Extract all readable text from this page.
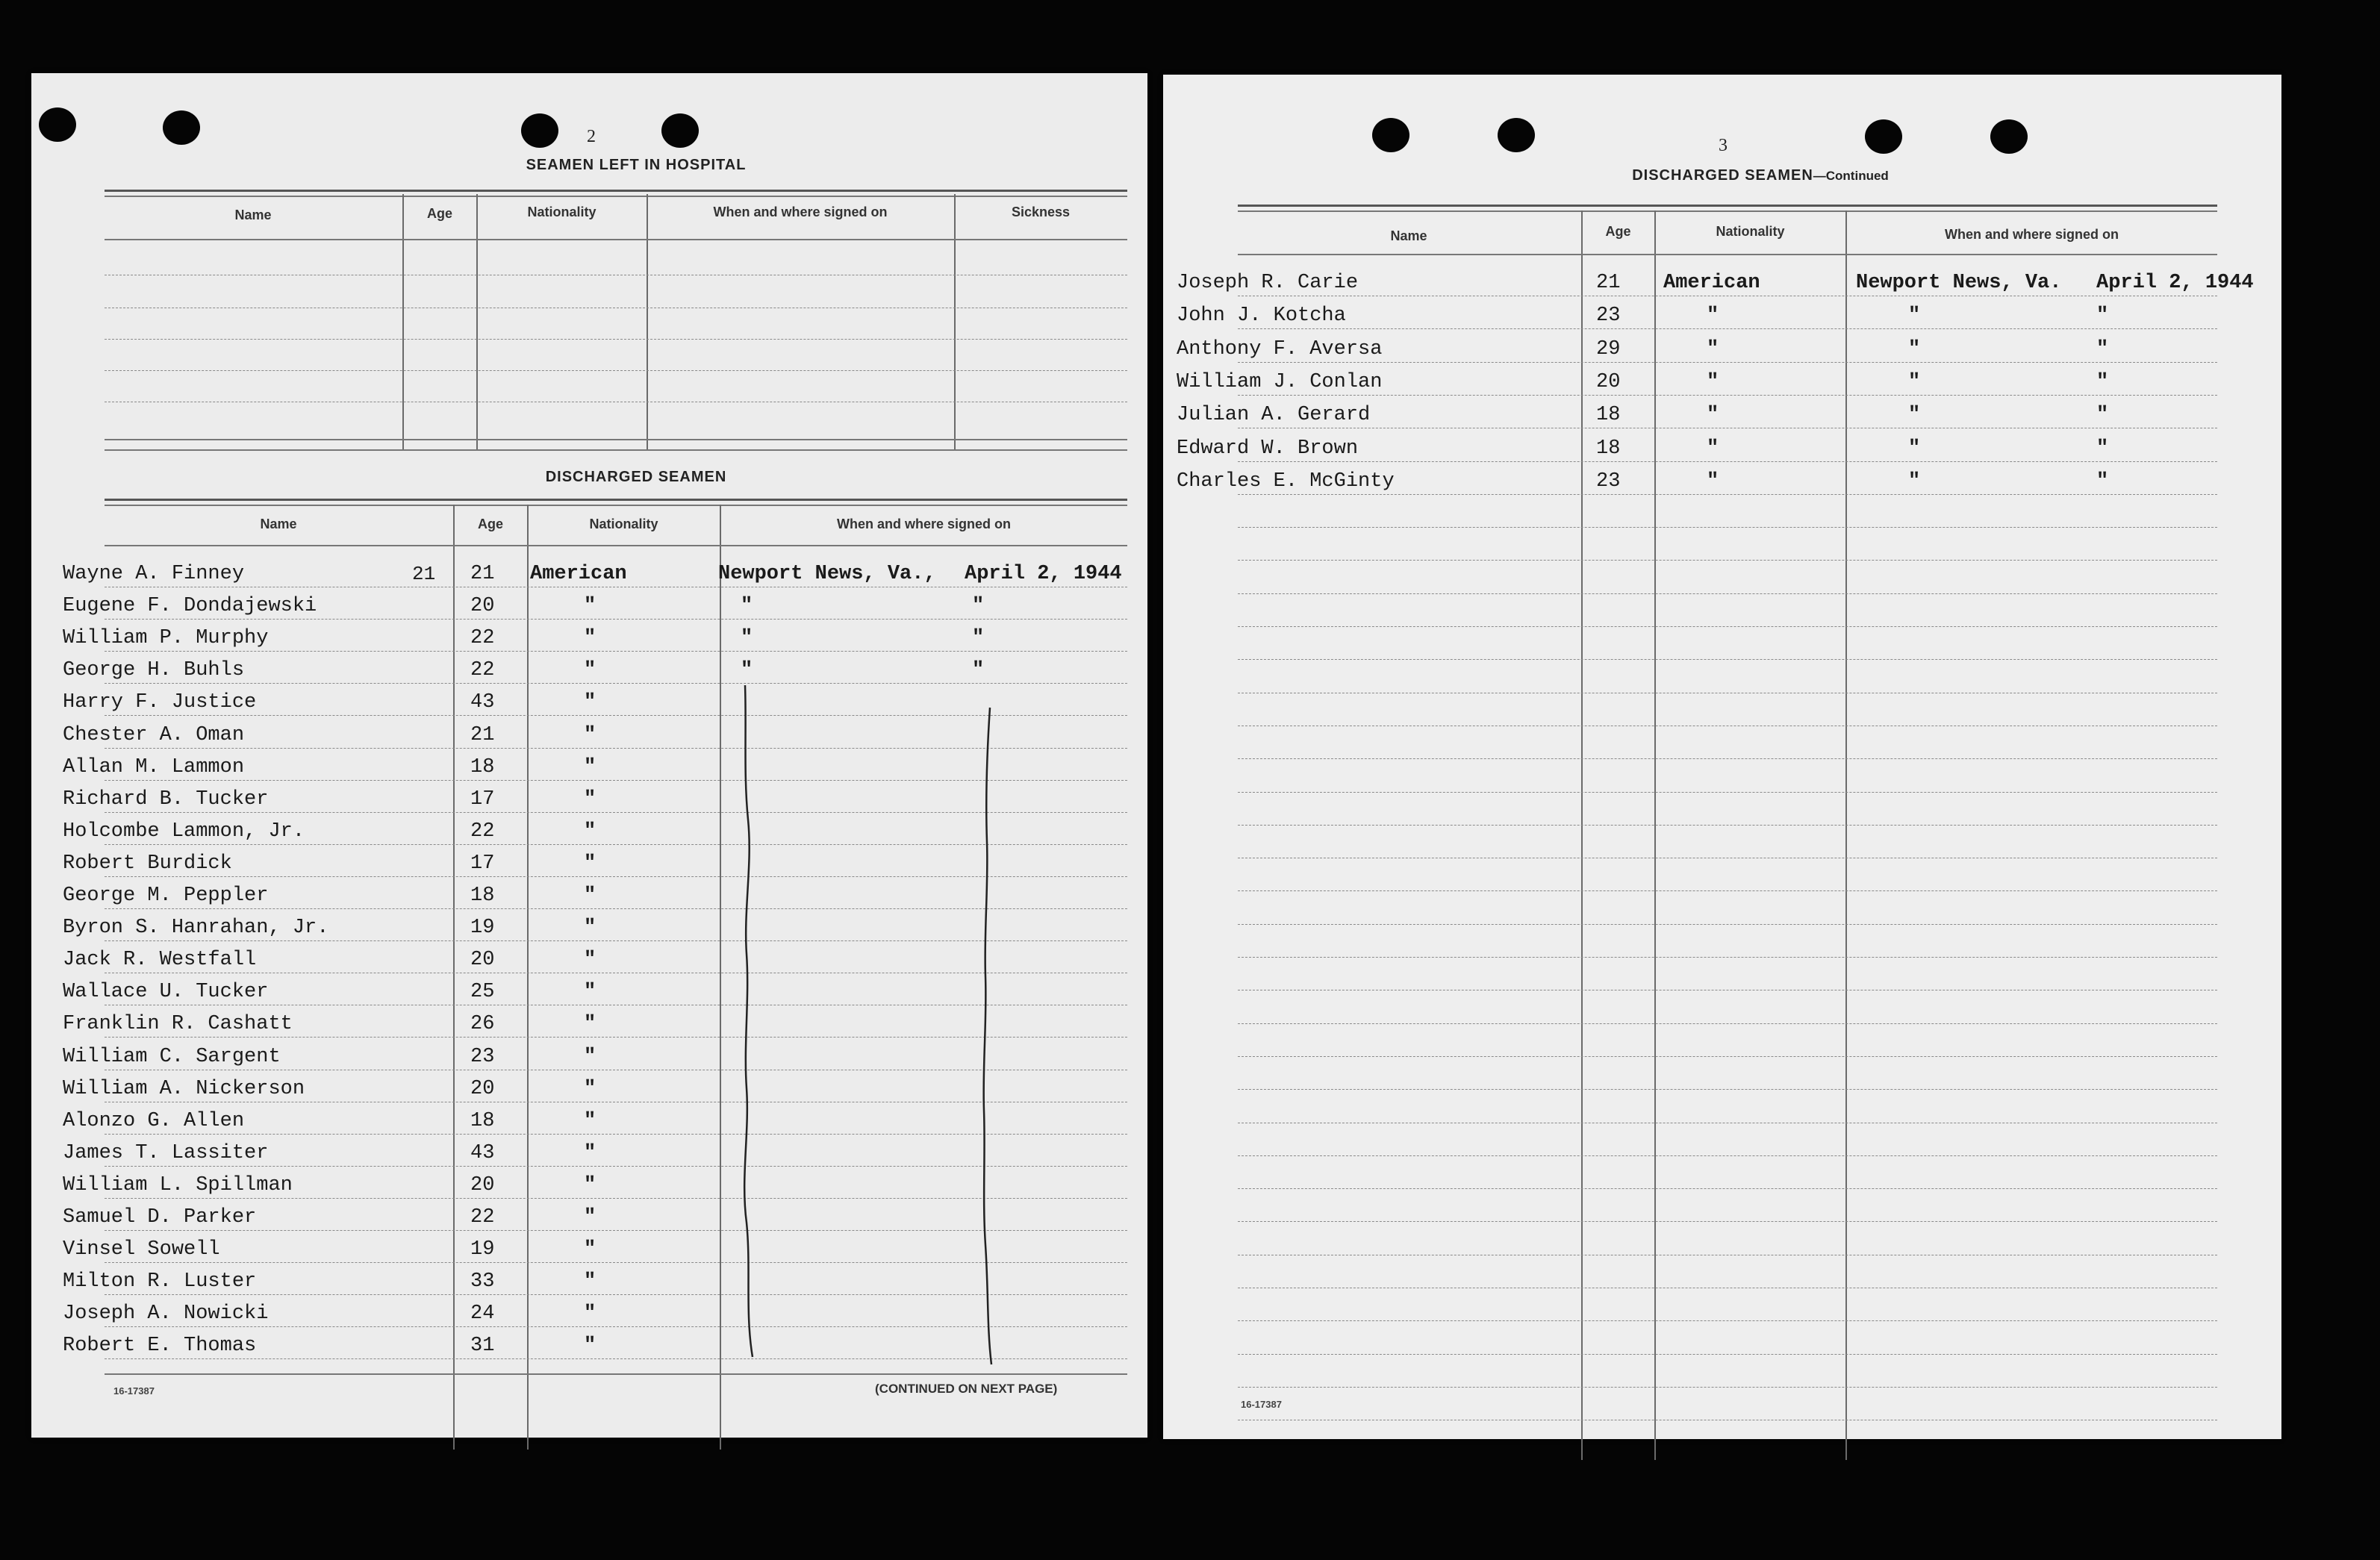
2
SEAMEN LEFT IN HOSPITAL
Name	Age	Nationality	When and where signed on	Sickness
DISCHARGED SEAMEN
Name	Age	Nationality	When and where signed on
21
Wayne A. Finney	21 American	Newport News, Va., April 2, 1944
Eugene F. Dondajewski	20	"	"	"
William P. Murphy	22	"	"	"
George H. Buhls	22	"	"	"
Harry F. Justice	43	"
Chester A. Oman	21	"
Allan M. Lammon	18	"
Richard B. Tucker	17	"
Holcombe Lammon, Jr.	22	"
Robert Burdick	17	"
George M. Peppler	18	"
Byron S. Hanrahan, Jr.	19	"
Jack R. Westfall	20	"
Wallace U. Tucker	25	"
Franklin R. Cashatt	26	"
William C. Sargent	23	"
William A. Nickerson	20	"
Alonzo G. Allen	18	"
James T. Lassiter	43	"
William L. Spillman	20	"
Samuel D. Parker	22	"
Vinsel Sowell	19	"
Milton R. Luster	33	"
Joseph A. Nowicki	24	"
Robert E. Thomas	31	"
16-17387	(CONTINUED ON NEXT PAGE)
3
DISCHARGED SEAMEN—Continued
Name	Age	Nationality	When and where signed on
Joseph R. Carie	21 American	Newport News, Va. April 2, 1944
John J. Kotcha	23	"	"	"
Anthony F. Aversa	29	"	"	"
William J. Conlan	20	"	"	"
Julian A. Gerard	18	"	"	"
Edward W. Brown	18	"	"	"
Charles E. McGinty	23	"	"	"
16-17387
